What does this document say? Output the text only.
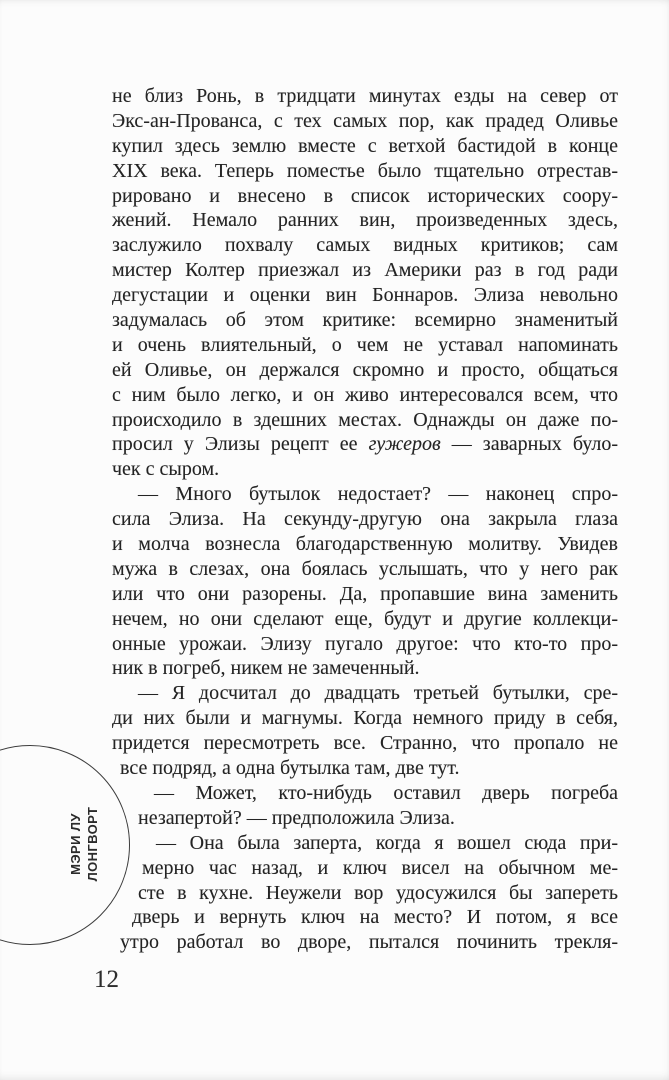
МЭРИ ЛУ ЛОНГВОРТ
не близ Ронь, в тридцати минутах езды на север от
Экс-ан-Прованса, с тех самых пор, как прадед Оливье
купил здесь землю вместе с ветхой бастидой в конце
XIX века. Теперь поместье было тщательно отрестав-
рировано и внесено в список исторических соору-
жений. Немало ранних вин, произведенных здесь,
заслужило похвалу самых видных критиков; сам
мистер Колтер приезжал из Америки раз в год ради
дегустации и оценки вин Боннаров. Элиза невольно
задумалась об этом критике: всемирно знаменитый
и очень влиятельный, о чем не уставал напоминать
ей Оливье, он держался скромно и просто, общаться
с ним было легко, и он живо интересовался всем, что
происходило в здешних местах. Однажды он даже по-
просил у Элизы рецепт ее гужеров — заварных було-
чек с сыром.
— Много бутылок недостает? — наконец спро-
сила Элиза. На секунду-другую она закрыла глаза
и молча вознесла благодарственную молитву. Увидев
мужа в слезах, она боялась услышать, что у него рак
или что они разорены. Да, пропавшие вина заменить
нечем, но они сделают еще, будут и другие коллекци-
онные урожаи. Элизу пугало другое: что кто-то про-
ник в погреб, никем не замеченный.
— Я досчитал до двадцать третьей бутылки, сре-
ди них были и магнумы. Когда немного приду в себя,
придется пересмотреть все. Странно, что пропало не
все подряд, а одна бутылка там, две тут.
— Может, кто-нибудь оставил дверь погреба
незапертой? — предположила Элиза.
— Она была заперта, когда я вошел сюда при-
мерно час назад, и ключ висел на обычном ме-
сте в кухне. Неужели вор удосужился бы запереть
дверь и вернуть ключ на место? И потом, я все
утро работал во дворе, пытался починить трекля-
12
